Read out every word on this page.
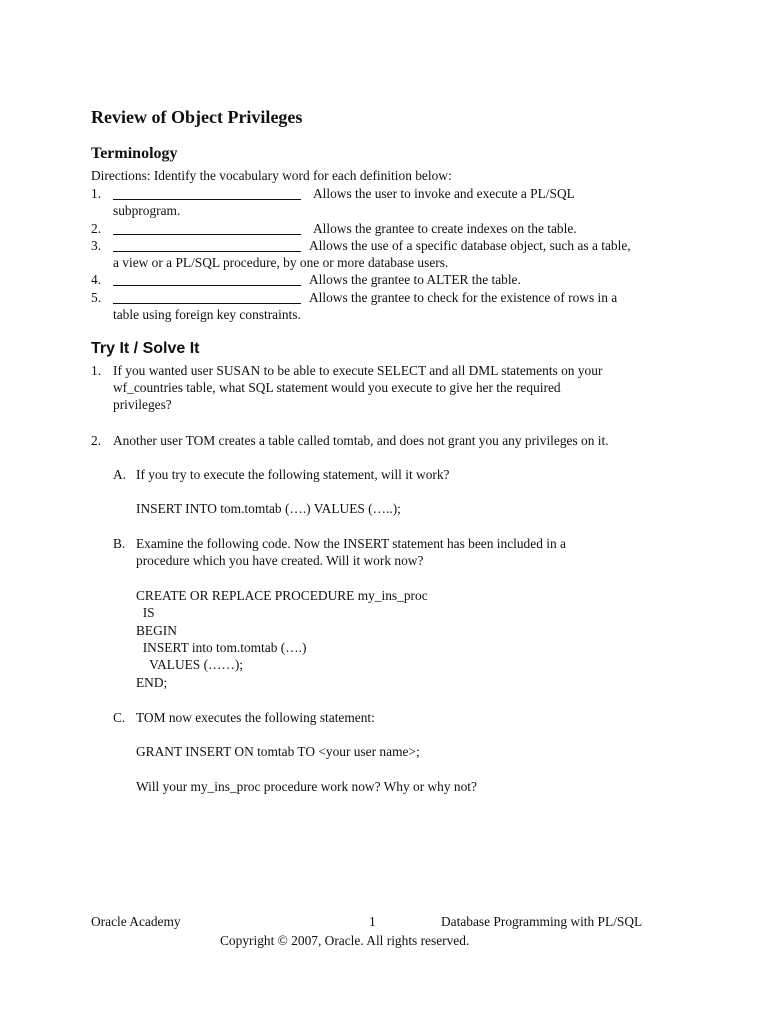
Review of Object Privileges
Terminology
Directions: Identify the vocabulary word for each definition below:
1.	Allows the user to invoke and execute a PL/SQL
subprogram.
2.	Allows the grantee to create indexes on the table.
3.	Allows the use of a specific database object, such as a table,
a view or a PL/SQL procedure, by one or more database users.
4.	Allows the grantee to ALTER the table.
5.	Allows the grantee to check for the existence of rows in a
table using foreign key constraints.
Try It / Solve It
1. If you wanted user SUSAN to be able to execute SELECT and all DML statements on your
wf_countries table, what SQL statement would you execute to give her the required
privileges?
2. Another user TOM creates a table called tomtab, and does not grant you any privileges on it.
A. If you try to execute the following statement, will it work?
INSERT INTO tom.tomtab (….) VALUES (…..);
B. Examine the following code. Now the INSERT statement has been included in a
procedure which you have created. Will it work now?
CREATE OR REPLACE PROCEDURE my_ins_proc
IS
BEGIN
INSERT into tom.tomtab (….)
VALUES (……);
END;
C. TOM now executes the following statement:
GRANT INSERT ON tomtab TO <your user name>;
Will your my_ins_proc procedure work now? Why or why not?
Oracle Academy	1	Database Programming with PL/SQL
Copyright © 2007, Oracle. All rights reserved.
